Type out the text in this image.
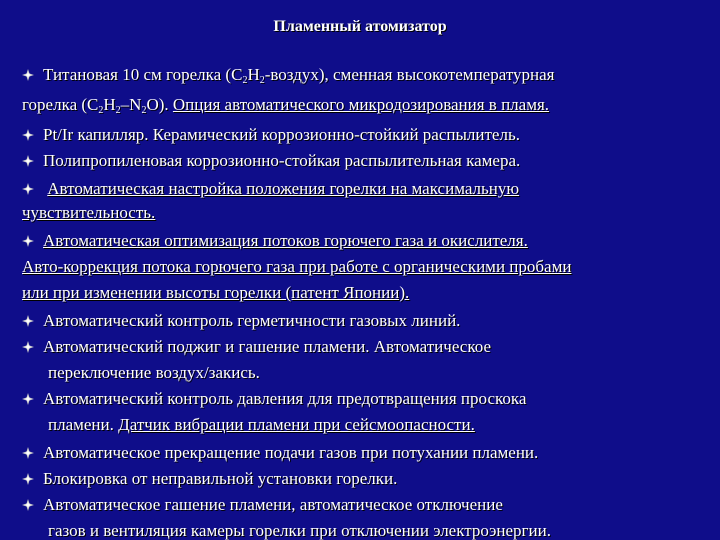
Пламенный атомизатор
Титановая 10 см горелка $(C_2H_2-воздух)$, сменная высокотемпературная
горелка $(C_2H_2-N_2O)$. Опция автоматического микродозирования в пламя.
Pt/Ir капилляр. Керамический коррозионно-стойкий распылитель.
Полипропиленовая коррозионно-стойкая распылительная камера.
Автоматическая настройка положения горелки на максимальную
чувствительность.
Автоматическая оптимизация потоков горючего газа и окислителя.
Авто-коррекция потока горючего газа при работе с органическими пробами
или при изменении высоты горелки (патент Японии).
Автоматический контроль герметичности газовых линий.
Автоматический поджиг и гашение пламени. Автоматическое
переключение воздух/закись.
Автоматический контроль давления для предотвращения проскока
пламени. Датчик вибрации пламени при сейсмоопасности.
Автоматическое прекращение подачи газов при потухании пламени.
Блокировка от неправильной установки горелки.
Автоматическое гашение пламени, автоматическое отключение
газов и вентиляция камеры горелки при отключении электроэнергии.
